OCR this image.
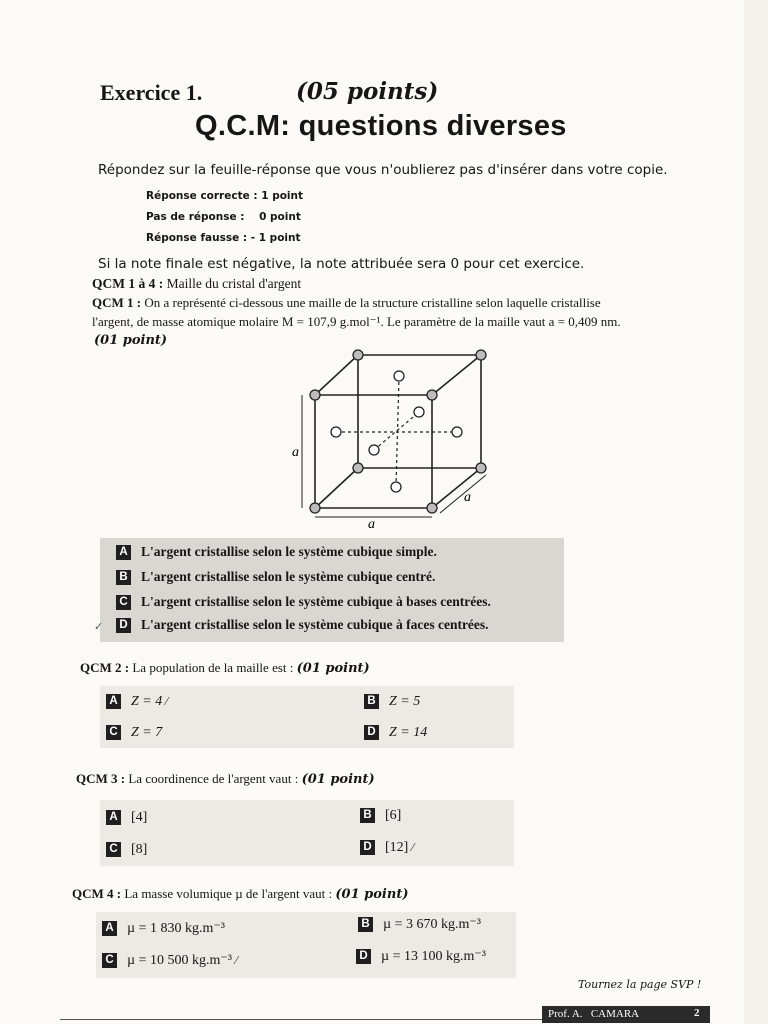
Exercice 1.	(05 points)
Q.C.M: questions diverses
Répondez sur la feuille-réponse que vous n'oublierez pas d'insérer dans votre copie.
Réponse correcte : 1 point
Pas de réponse : 0 point
Réponse fausse : - 1 point
Si la note finale est négative, la note attribuée sera 0 pour cet exercice.
QCM 1 à 4 : Maille du cristal d'argent
QCM 1 : On a représenté ci-dessous une maille de la structure cristalline selon laquelle cristallise
l'argent, de masse atomique molaire M = 107,9 g.mol⁻¹. Le paramètre de la maille vaut a = 0,409 nm.
(01 point)
a
a
a
A L'argent cristallise selon le système cubique simple.
B L'argent cristallise selon le système cubique centré.
C L'argent cristallise selon le système cubique à bases centrées.
D L'argent cristallise selon le système cubique à faces centrées.
✓
QCM 2 : La population de la maille est : (01 point)
A Z = 4 ⁄	B Z = 5
C Z = 7	D Z = 14
QCM 3 : La coordinence de l'argent vaut : (01 point)
A [4]	B [6]
C [8]	D [12] ⁄
QCM 4 : La masse volumique µ de l'argent vaut : (01 point)
A µ = 1 830 kg.m⁻³	B µ = 3 670 kg.m⁻³
C µ = 10 500 kg.m⁻³ ⁄	D µ = 13 100 kg.m⁻³
Tournez la page SVP !
Prof. A. CAMARA	2
